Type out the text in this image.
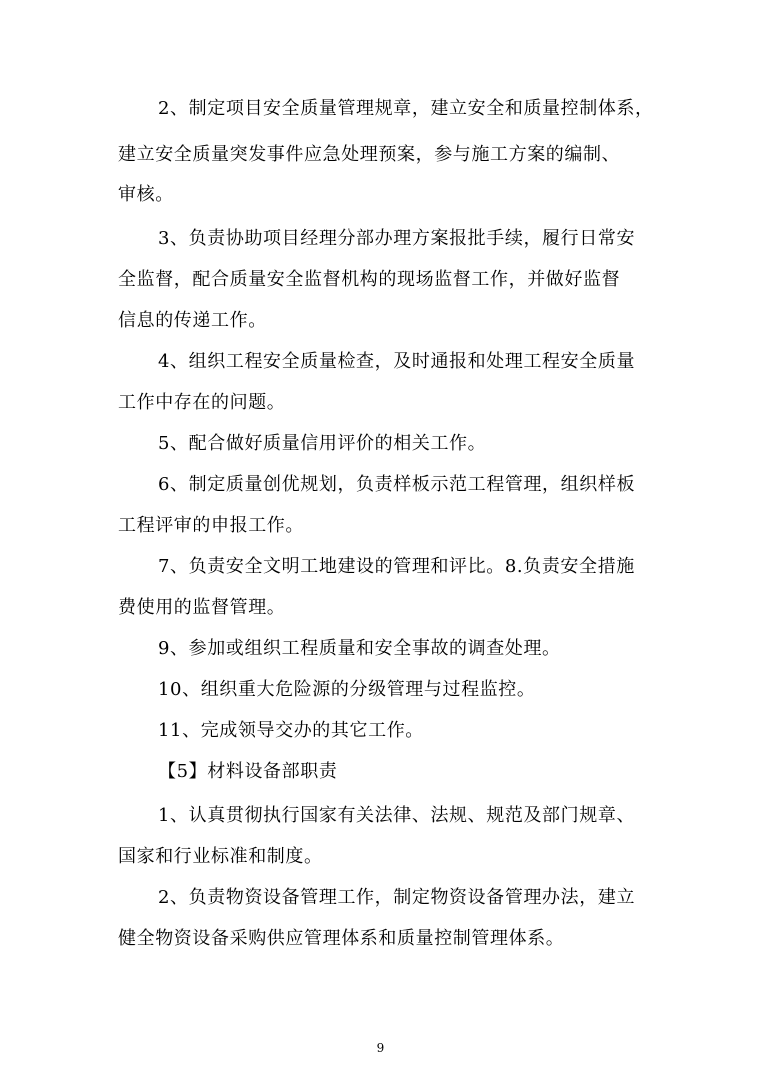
2、制定项目安全质量管理规章，建立安全和质量控制体系，
建立安全质量突发事件应急处理预案，参与施工方案的编制、
审核。
3、负责协助项目经理分部办理方案报批手续，履行日常安
全监督，配合质量安全监督机构的现场监督工作，并做好监督
信息的传递工作。
4、组织工程安全质量检查，及时通报和处理工程安全质量
工作中存在的问题。
5、配合做好质量信用评价的相关工作。
6、制定质量创优规划，负责样板示范工程管理，组织样板
工程评审的申报工作。
7、负责安全文明工地建设的管理和评比。8.负责安全措施
费使用的监督管理。
9、参加或组织工程质量和安全事故的调查处理。
10、组织重大危险源的分级管理与过程监控。
11、完成领导交办的其它工作。
【5】材料设备部职责
1、认真贯彻执行国家有关法律、法规、规范及部门规章、
国家和行业标准和制度。
2、负责物资设备管理工作，制定物资设备管理办法，建立
健全物资设备采购供应管理体系和质量控制管理体系。
9
